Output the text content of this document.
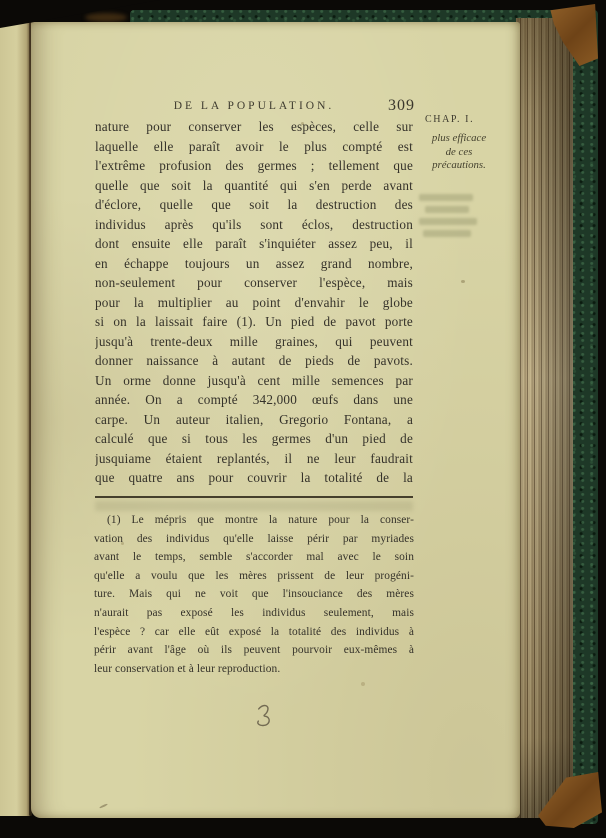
DE LA POPULATION.	309
CHAP. I.
plus efficace
de ces
précautions.
nature pour conserver les espèces, celle sur
laquelle elle paraît avoir le plus compté est
l'extrême profusion des germes ; tellement que
quelle que soit la quantité qui s'en perde avant
d'éclore, quelle que soit la destruction des
individus après qu'ils sont éclos, destruction
dont ensuite elle paraît s'inquiéter assez peu, il
en échappe toujours un assez grand nombre,
non-seulement pour conserver l'espèce, mais
pour la multiplier au point d'envahir le globe
si on la laissait faire (1). Un pied de pavot porte
jusqu'à trente-deux mille graines, qui peuvent
donner naissance à autant de pieds de pavots.
Un orme donne jusqu'à cent mille semences par
année. On a compté 342,000 œufs dans une
carpe. Un auteur italien, Gregorio Fontana, a
calculé que si tous les germes d'un pied de
jusquiame étaient replantés, il ne leur faudrait
que quatre ans pour couvrir la totalité de la
(1) Le mépris que montre la nature pour la conser-
vation des individus qu'elle laisse périr par myriades
avant le temps, semble s'accorder mal avec le soin
qu'elle a voulu que les mères prissent de leur progéni-
ture. Mais qui ne voit que l'insouciance des mères
n'aurait pas exposé les individus seulement, mais
l'espèce ? car elle eût exposé la totalité des individus à
périr avant l'âge où ils peuvent pourvoir eux-mêmes à
leur conservation et à leur reproduction.
